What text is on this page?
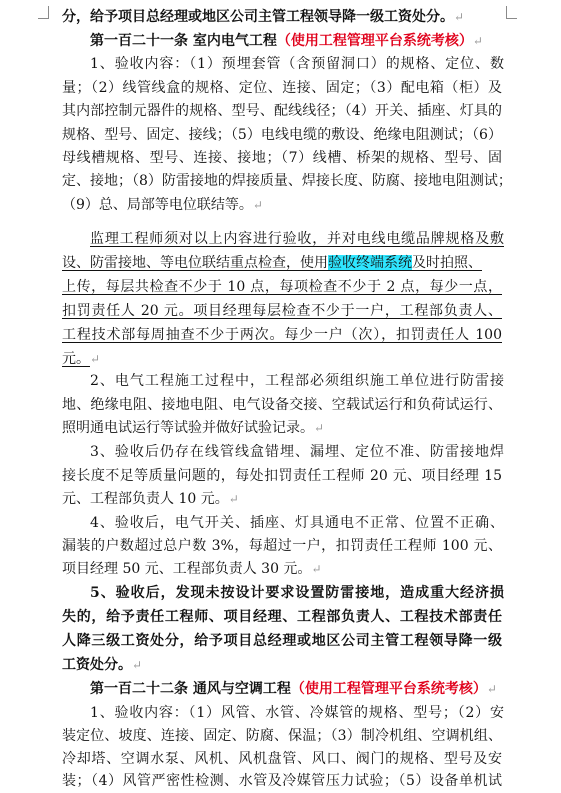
分，给予项目总经理或地区公司主管工程领导降一级工资处分。↵
第一百二十一条 室内电气工程（使用工程管理平台系统考核）↵
1、验收内容：（1）预埋套管（含预留洞口）的规格、定位、数
量；（2）线管线盒的规格、定位、连接、固定；（3）配电箱（柜）及
其内部控制元器件的规格、型号、配线线径；（4）开关、插座、灯具的
规格、型号、固定、接线；（5）电线电缆的敷设、绝缘电阻测试；（6）
母线槽规格、型号、连接、接地；（7）线槽、桥架的规格、型号、固
定、接地；（8）防雷接地的焊接质量、焊接长度、防腐、接地电阻测试；
（9）总、局部等电位联结等。↵
监理工程师须对以上内容进行验收，并对电线电缆品牌规格及敷
设、防雷接地、等电位联结重点检查，使用验收终端系统及时拍照、
上传，每层共检查不少于 10 点，每项检查不少于 2 点，每少一点，
扣罚责任人 20 元。项目经理每层检查不少于一户，工程部负责人、
工程技术部每周抽查不少于两次。每少一户（次），扣罚责任人 100
元。↵
2、电气工程施工过程中，工程部必须组织施工单位进行防雷接
地、绝缘电阻、接地电阻、电气设备交接、空载试运行和负荷试运行、
照明通电试运行等试验并做好试验记录。↵
3、验收后仍存在线管线盒错埋、漏埋、定位不准、防雷接地焊
接长度不足等质量问题的，每处扣罚责任工程师 20 元、项目经理 15
元、工程部负责人 10 元。↵
4、验收后，电气开关、插座、灯具通电不正常、位置不正确、
漏装的户数超过总户数 3%，每超过一户，扣罚责任工程师 100 元、
项目经理 50 元、工程部负责人 30 元。↵
5、验收后，发现未按设计要求设置防雷接地，造成重大经济损
失的，给予责任工程师、项目经理、工程部负责人、工程技术部责任
人降三级工资处分，给予项目总经理或地区公司主管工程领导降一级
工资处分。↵
第一百二十二条 通风与空调工程（使用工程管理平台系统考核）↵
1、验收内容：（1）风管、水管、冷媒管的规格、型号；（2）安
装定位、坡度、连接、固定、防腐、保温；（3）制冷机组、空调机组、
冷却塔、空调水泵、风机、风机盘管、风口、阀门的规格、型号及安
装；（4）风管严密性检测、水管及冷媒管压力试验；（5）设备单机试
